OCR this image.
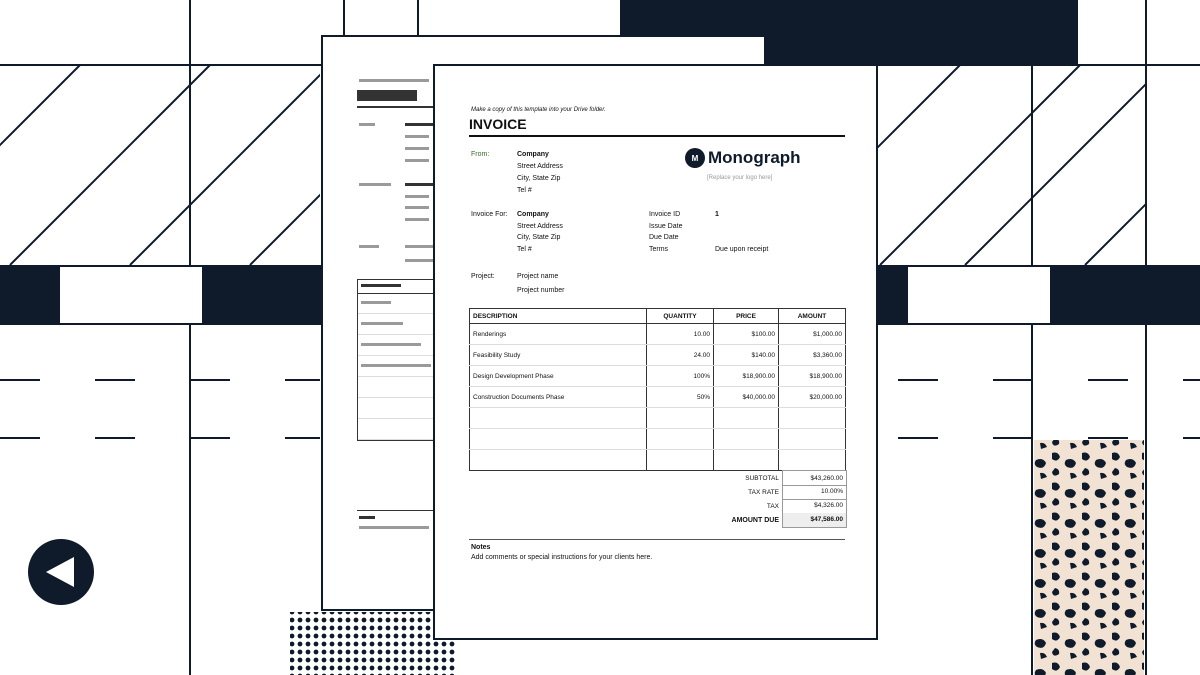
Make a copy of this template into your Drive folder.
INVOICE
From:	Company
Street Address
City, State Zip
Tel #
M Monograph
[Replace your logo here]
Invoice For: Company
Street Address
City, State Zip
Tel #
Invoice ID	1
Issue Date
Due Date
Terms	Due upon receipt
Project:	Project name
Project number
DESCRIPTION	QUANTITY	PRICE	AMOUNT
Renderings	10.00	$100.00	$1,000.00
Feasibility Study	24.00	$140.00	$3,360.00
Design Development Phase	100%	$18,900.00	$18,900.00
Construction Documents Phase	50%	$40,000.00	$20,000.00

SUBTOTAL	$43,260.00
TAX RATE	10.00%
TAX	$4,326.00
AMOUNT DUE	$47,586.00
Notes
Add comments or special instructions for your clients here.
